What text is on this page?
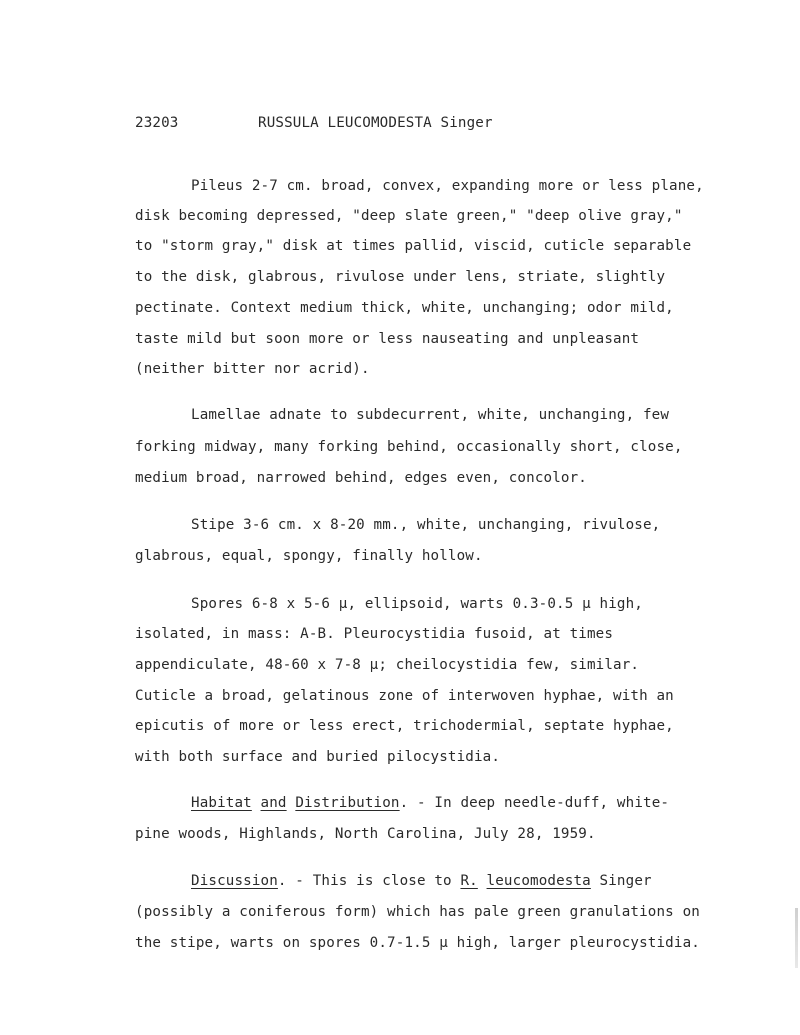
23203	RUSSULA LEUCOMODESTA Singer
Pileus 2-7 cm. broad, convex, expanding more or less plane,
disk becoming depressed, "deep slate green," "deep olive gray,"
to "storm gray," disk at times pallid, viscid, cuticle separable
to the disk, glabrous, rivulose under lens, striate, slightly
pectinate. Context medium thick, white, unchanging; odor mild,
taste mild but soon more or less nauseating and unpleasant
(neither bitter nor acrid).
Lamellae adnate to subdecurrent, white, unchanging, few
forking midway, many forking behind, occasionally short, close,
medium broad, narrowed behind, edges even, concolor.
Stipe 3-6 cm. x 8-20 mm., white, unchanging, rivulose,
glabrous, equal, spongy, finally hollow.
Spores 6-8 x 5-6 µ, ellipsoid, warts 0.3-0.5 µ high,
isolated, in mass: A-B. Pleurocystidia fusoid, at times
appendiculate, 48-60 x 7-8 µ; cheilocystidia few, similar.
Cuticle a broad, gelatinous zone of interwoven hyphae, with an
epicutis of more or less erect, trichodermial, septate hyphae,
with both surface and buried pilocystidia.
Habitat and Distribution. - In deep needle-duff, white-
pine woods, Highlands, North Carolina, July 28, 1959.
Discussion. - This is close to R. leucomodesta Singer
(possibly a coniferous form) which has pale green granulations on
the stipe, warts on spores 0.7-1.5 µ high, larger pleurocystidia.
